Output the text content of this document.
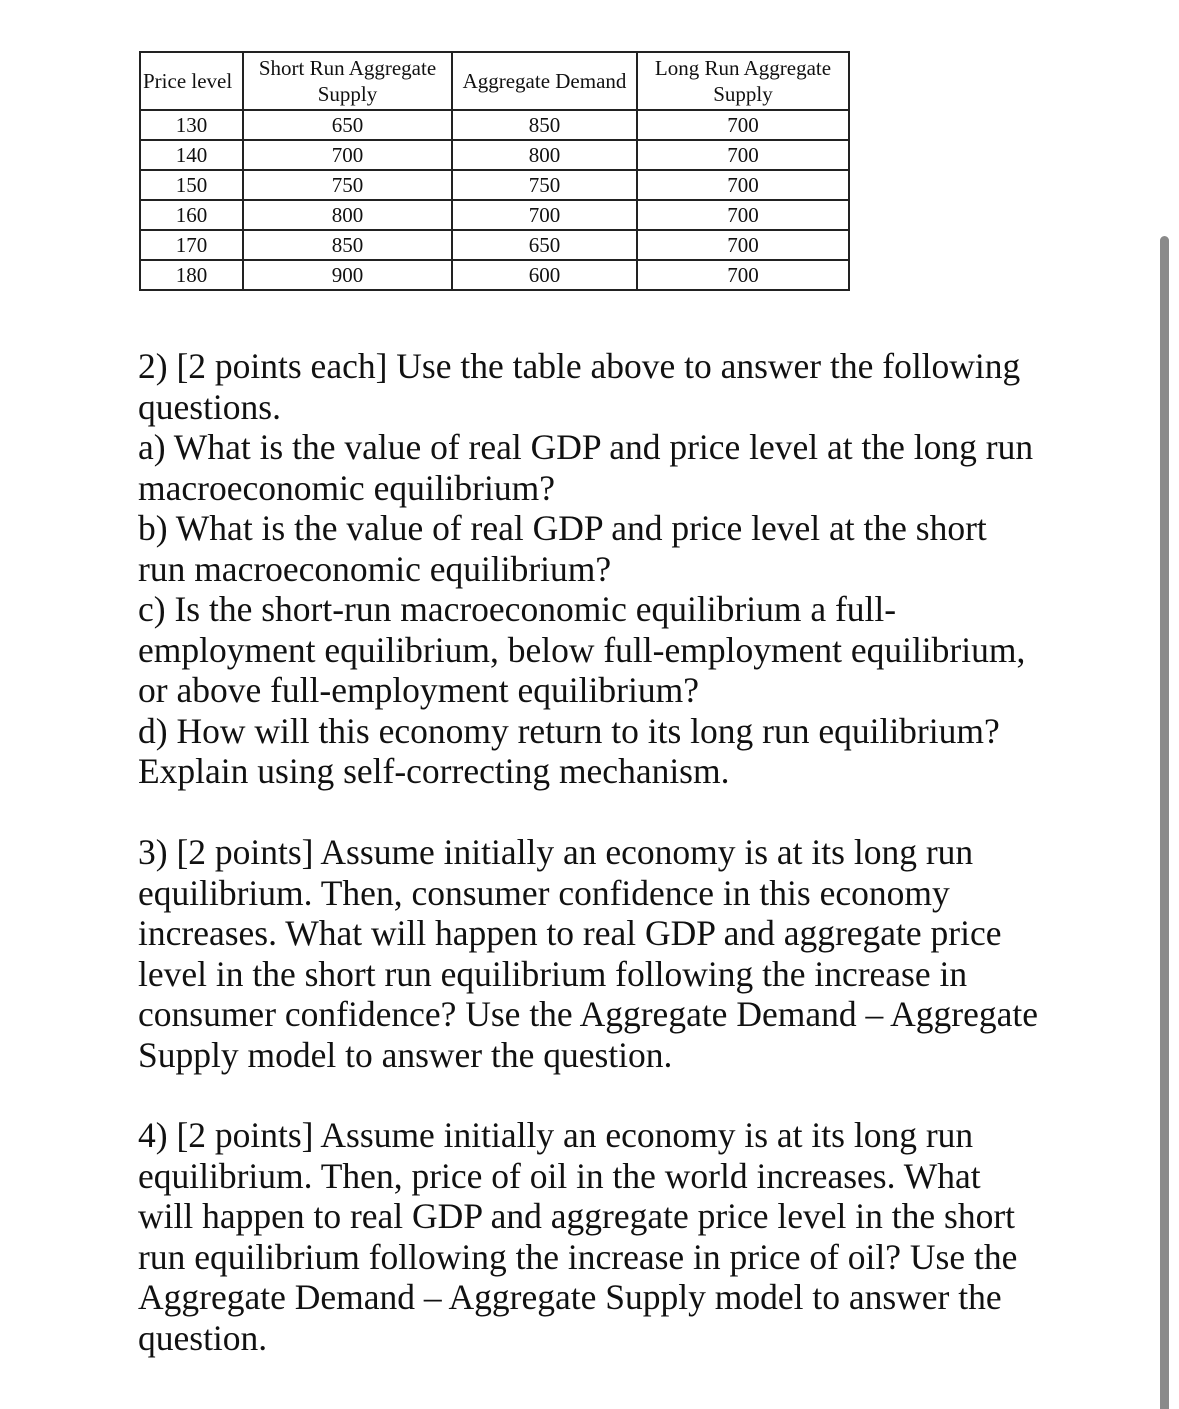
Price level	Short Run Aggregate Supply	Aggregate Demand	Long Run Aggregate Supply
130	650	850	700
140	700	800	700
150	750	750	700
160	800	700	700
170	850	650	700
180	900	600	700

2) [2 points each] Use the table above to answer the following questions.

a) What is the value of real GDP and price level at the long run macroeconomic equilibrium?

b) What is the value of real GDP and price level at the short run macroeconomic equilibrium?

c) Is the short-run macroeconomic equilibrium a full-employment equilibrium, below full-employment equilibrium, or above full-employment equilibrium?

d) How will this economy return to its long run equilibrium? Explain using self-correcting mechanism.

3) [2 points] Assume initially an economy is at its long run equilibrium. Then, consumer confidence in this economy increases. What will happen to real GDP and aggregate price level in the short run equilibrium following the increase in consumer confidence? Use the Aggregate Demand – Aggregate Supply model to answer the question.

4) [2 points] Assume initially an economy is at its long run equilibrium. Then, price of oil in the world increases. What will happen to real GDP and aggregate price level in the short run equilibrium following the increase in price of oil? Use the Aggregate Demand – Aggregate Supply model to answer the question.
